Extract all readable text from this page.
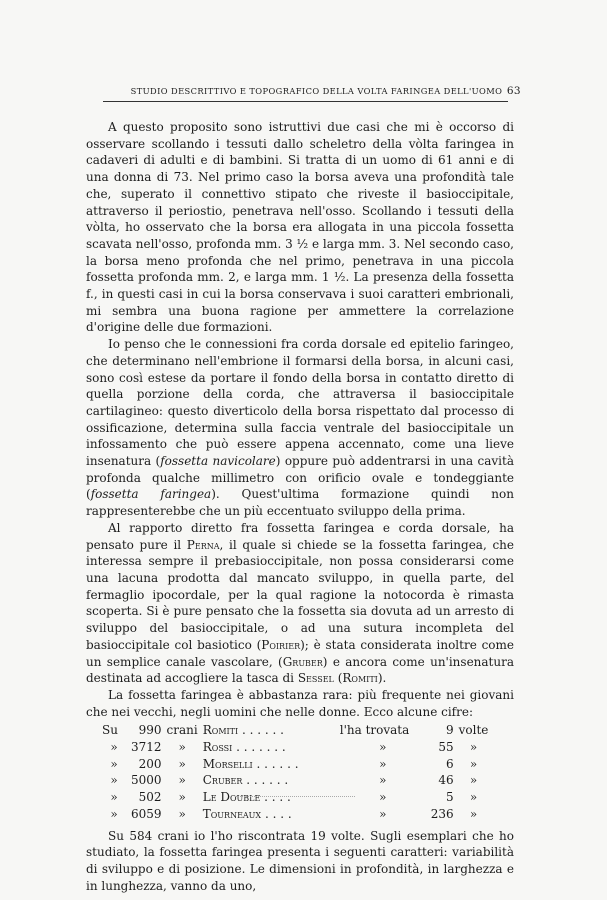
STUDIO DESCRITTIVO E TOPOGRAFICO DELLA VOLTA FARINGEA DELL'UOMO 63

A questo proposito sono istruttivi due casi che mi è occorso di osservare scollando i tessuti dallo scheletro della vòlta faringea in cadaveri di adulti e di bambini. Si tratta di un uomo di 61 anni e di una donna di 73. Nel primo caso la borsa aveva una profondità tale che, superato il connettivo stipato che riveste il basioccipitale, attraverso il periostio, penetrava nell'osso. Scollando i tessuti della vòlta, ho osservato che la borsa era allogata in una piccola fossetta scavata nell'osso, profonda mm. 3 ½ e larga mm. 3. Nel secondo caso, la borsa meno profonda che nel primo, penetrava in una piccola fossetta profonda mm. 2, e larga mm. 1 ½. La presenza della fossetta f., in questi casi in cui la borsa conservava i suoi caratteri embrionali, mi sembra una buona ragione per ammettere la correlazione d'origine delle due formazioni.

Io penso che le connessioni fra corda dorsale ed epitelio faringeo, che determinano nell'embrione il formarsi della borsa, in alcuni casi, sono così estese da portare il fondo della borsa in contatto diretto di quella porzione della corda, che attraversa il basioccipitale cartilagineo: questo diverticolo della borsa rispettato dal processo di ossificazione, determina sulla faccia ventrale del basioccipitale un infossamento che può essere appena accennato, come una lieve insenatura (fossetta navicolare) oppure può addentrarsi in una cavità profonda qualche millimetro con orificio ovale e tondeggiante (fossetta faringea). Quest'ultima formazione quindi non rappresenterebbe che un più eccentuato sviluppo della prima.

Al rapporto diretto fra fossetta faringea e corda dorsale, ha pensato pure il Perna, il quale si chiede se la fossetta faringea, che interessa sempre il prebasioccipitale, non possa considerarsi come una lacuna prodotta dal mancato sviluppo, in quella parte, del fermaglio ipocordale, per la qual ragione la notocorda è rimasta scoperta. Si è pure pensato che la fossetta sia dovuta ad un arresto di sviluppo del basioccipitale, o ad una sutura incompleta del basioccipitale col basiotico (Poirier); è stata considerata inoltre come un semplice canale vascolare, (Gruber) e ancora come un'insenatura destinata ad accogliere la tasca di Sessel (Romiti).

La fossetta faringea è abbastanza rara: più frequente nei giovani che nei vecchi, negli uomini che nelle donne. Ecco alcune cifre:

Su	990	crani	Romiti . . . . . .	l'ha trovata	9	volte
»	3712	»	Rossi . . . . . . .	»	55	»
»	200	»	Morselli . . . . . .	»	6	»
»	5000	»	Cruber . . . . . .	»	46	»
»	502	»	Le Double . . . .	»	5	»
»	6059	»	Tourneaux . . . .	»	236	»

Su 584 crani io l'ho riscontrata 19 volte. Sugli esemplari che ho studiato, la fossetta faringea presenta i seguenti caratteri: variabilità di sviluppo e di posizione. Le dimensioni in profondità, in larghezza e in lunghezza, vanno da uno,
